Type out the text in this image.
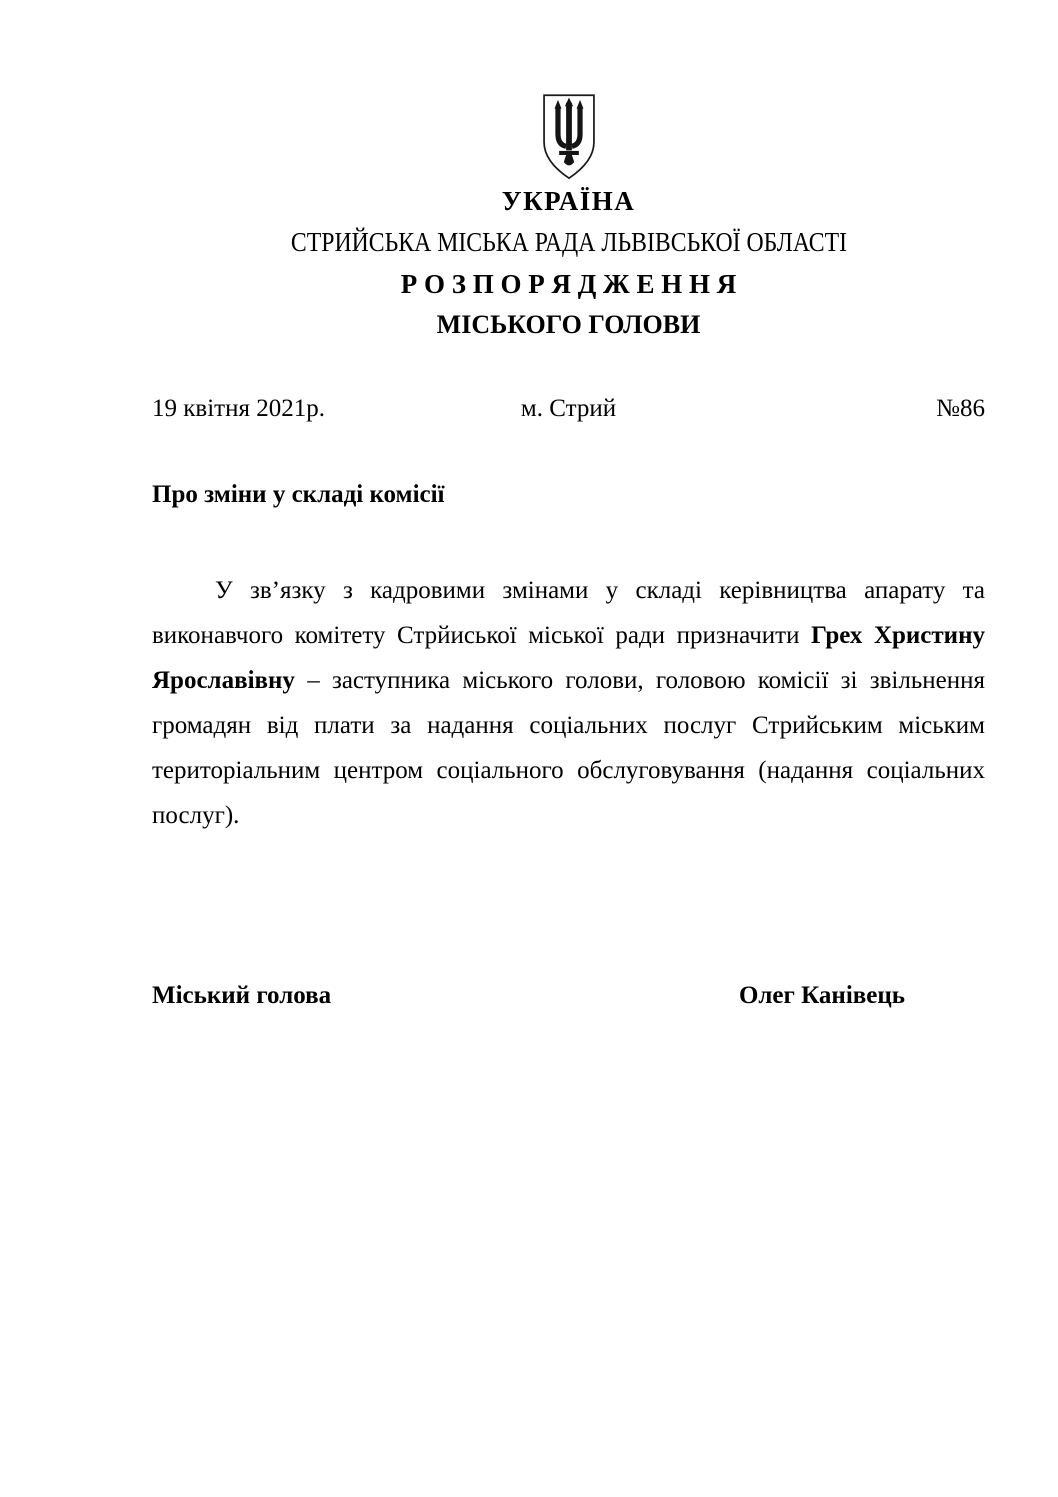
УКРАЇНА
СТРИЙСЬКА МІСЬКА РАДА ЛЬВІВСЬКОЇ ОБЛАСТІ
Р О З П О Р Я Д Ж Е Н Н Я
МІСЬКОГО ГОЛОВИ
19 квітня 2021р.	м. Стрий	№86
Про зміни у складі комісії
У зв’язку з кадровими змінами у складі керівництва апарату та
виконавчого комітету Стрйиської міської ради призначити Грех Христину
Ярославівну – заступника міського голови, головою комісії зі звільнення
громадян від плати за надання соціальних послуг Стрийським міським
територіальним центром соціального обслуговування (надання соціальних
послуг).
Міський голова	Олег Канівець
